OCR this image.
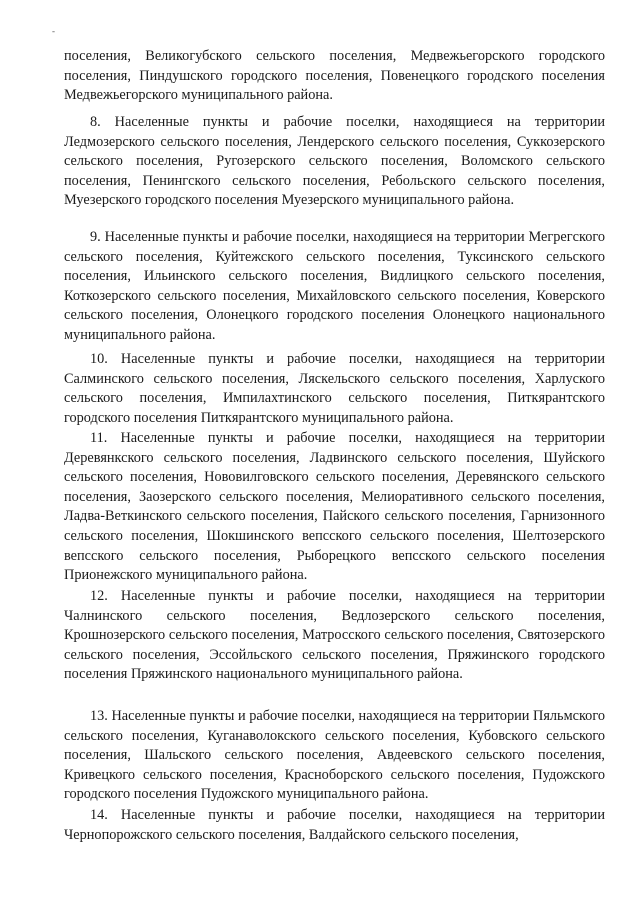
-

поселения, Великогубского сельского поселения, Медвежьегорского городского поселения, Пиндушского городского поселения, Повенецкого городского поселения Медвежьегорского муниципального района.

8. Населенные пункты и рабочие поселки, находящиеся на территории Ледмозерского сельского поселения, Лендерского сельского поселения, Суккозерского сельского поселения, Ругозерского сельского поселения, Воломского сельского поселения, Пенингского сельского поселения, Ребольского сельского поселения, Муезерского городского поселения Муезерского муниципального района.

9. Населенные пункты и рабочие поселки, находящиеся на территории Мегрегского сельского поселения, Куйтежского сельского поселения, Туксинского сельского поселения, Ильинского сельского поселения, Видлицкого сельского поселения, Коткозерского сельского поселения, Михайловского сельского поселения, Коверского сельского поселения, Олонецкого городского поселения Олонецкого национального муниципального района.

10. Населенные пункты и рабочие поселки, находящиеся на территории Салминского сельского поселения, Ляскельского сельского поселения, Харлуского сельского поселения, Импилахтинского сельского поселения, Питкярантского городского поселения Питкярантского муниципального района.

11. Населенные пункты и рабочие поселки, находящиеся на территории Деревянкского сельского поселения, Ладвинского сельского поселения, Шуйского сельского поселения, Нововилговского сельского поселения, Деревянского сельского поселения, Заозерского сельского поселения, Мелиоративного сельского поселения, Ладва-Веткинского сельского поселения, Пайского сельского поселения, Гарнизонного сельского поселения, Шокшинского вепсского сельского поселения, Шелтозерского вепсского сельского поселения, Рыборецкого вепсского сельского поселения Прионежского муниципального района.

12. Населенные пункты и рабочие поселки, находящиеся на территории Чалнинского сельского поселения, Ведлозерского сельского поселения, Крошнозерского сельского поселения, Матросского сельского поселения, Святозерского сельского поселения, Эссойльского сельского поселения, Пряжинского городского поселения Пряжинского национального муниципального района.

13. Населенные пункты и рабочие поселки, находящиеся на территории Пяльмского сельского поселения, Куганаволокского сельского поселения, Кубовского сельского поселения, Шальского сельского поселения, Авдеевского сельского поселения, Кривецкого сельского поселения, Красноборского сельского поселения, Пудожского городского поселения Пудожского муниципального района.

14. Населенные пункты и рабочие поселки, находящиеся на территории Чернопорожского сельского поселения, Валдайского сельского поселения,
